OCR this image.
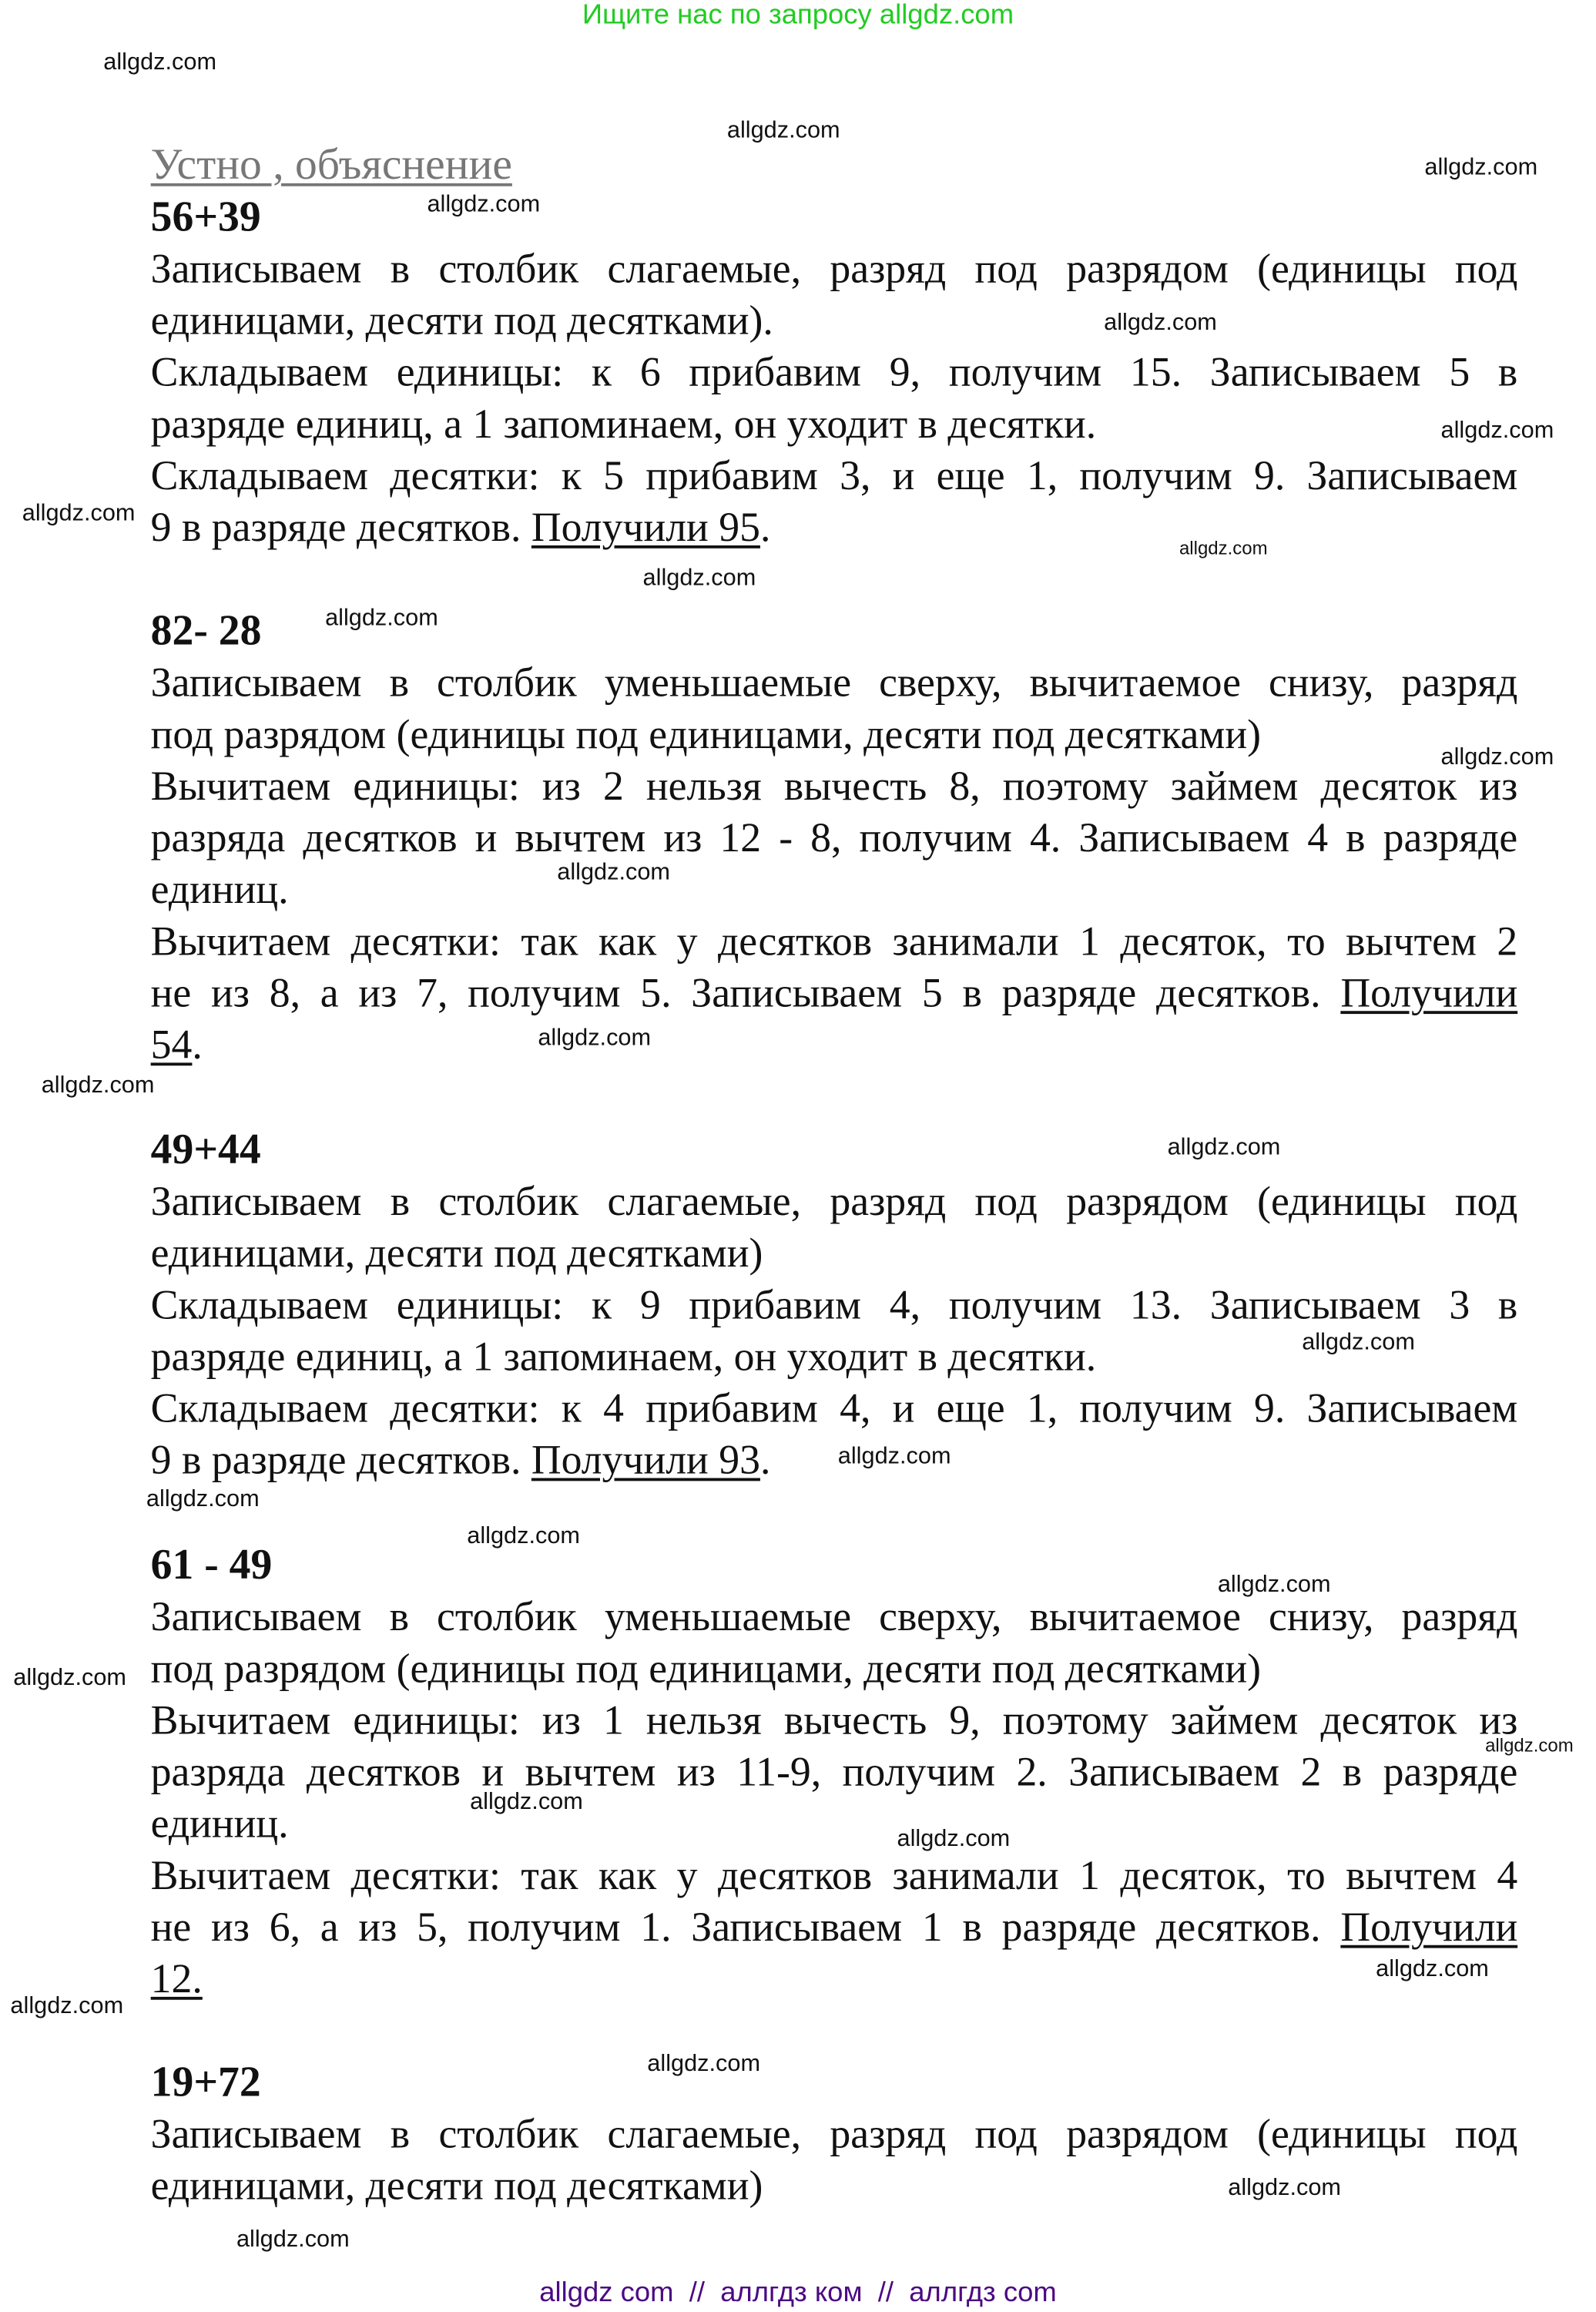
Ищите нас по запросу allgdz.com
Устно , объяснение
56+39
Записываем в столбик слагаемые, разряд под разрядом (единицы под
единицами, десяти под десятками).
Складываем единицы: к 6 прибавим 9, получим 15. Записываем 5 в
разряде единиц, а 1 запоминаем, он уходит в десятки.
Складываем десятки: к 5 прибавим 3, и еще 1, получим 9. Записываем
9 в разряде десятков. Получили 95.
82- 28
Записываем в столбик уменьшаемые сверху, вычитаемое снизу, разряд
под разрядом (единицы под единицами, десяти под десятками)
Вычитаем единицы: из 2 нельзя вычесть 8, поэтому займем десяток из
разряда десятков и вычтем из 12 - 8, получим 4. Записываем 4 в разряде
единиц.
Вычитаем десятки: так как у десятков занимали 1 десяток, то вычтем 2
не из 8, а из 7, получим 5. Записываем 5 в разряде десятков. Получили
54.
49+44
Записываем в столбик слагаемые, разряд под разрядом (единицы под
единицами, десяти под десятками)
Складываем единицы: к 9 прибавим 4, получим 13. Записываем 3 в
разряде единиц, а 1 запоминаем, он уходит в десятки.
Складываем десятки: к 4 прибавим 4, и еще 1, получим 9. Записываем
9 в разряде десятков. Получили 93.
61 - 49
Записываем в столбик уменьшаемые сверху, вычитаемое снизу, разряд
под разрядом (единицы под единицами, десяти под десятками)
Вычитаем единицы: из 1 нельзя вычесть 9, поэтому займем десяток из
разряда десятков и вычтем из 11-9, получим 2. Записываем 2 в разряде
единиц.
Вычитаем десятки: так как у десятков занимали 1 десяток, то вычтем 4
не из 6, а из 5, получим 1. Записываем 1 в разряде десятков. Получили
12.
19+72
Записываем в столбик слагаемые, разряд под разрядом (единицы под
единицами, десяти под десятками)
allgdz.com
allgdz.com
allgdz.com
allgdz.com
allgdz.com
allgdz.com
allgdz.com
allgdz.com
allgdz.com
allgdz.com
allgdz.com
allgdz.com
allgdz.com
allgdz.com
allgdz.com
allgdz.com
allgdz.com
allgdz.com
allgdz.com
allgdz.com
allgdz.com
allgdz.com
allgdz.com
allgdz.com
allgdz.com
allgdz.com
allgdz.com
allgdz.com
allgdz.com
allgdz com  //  аллгдз ком  //  аллгдз com
